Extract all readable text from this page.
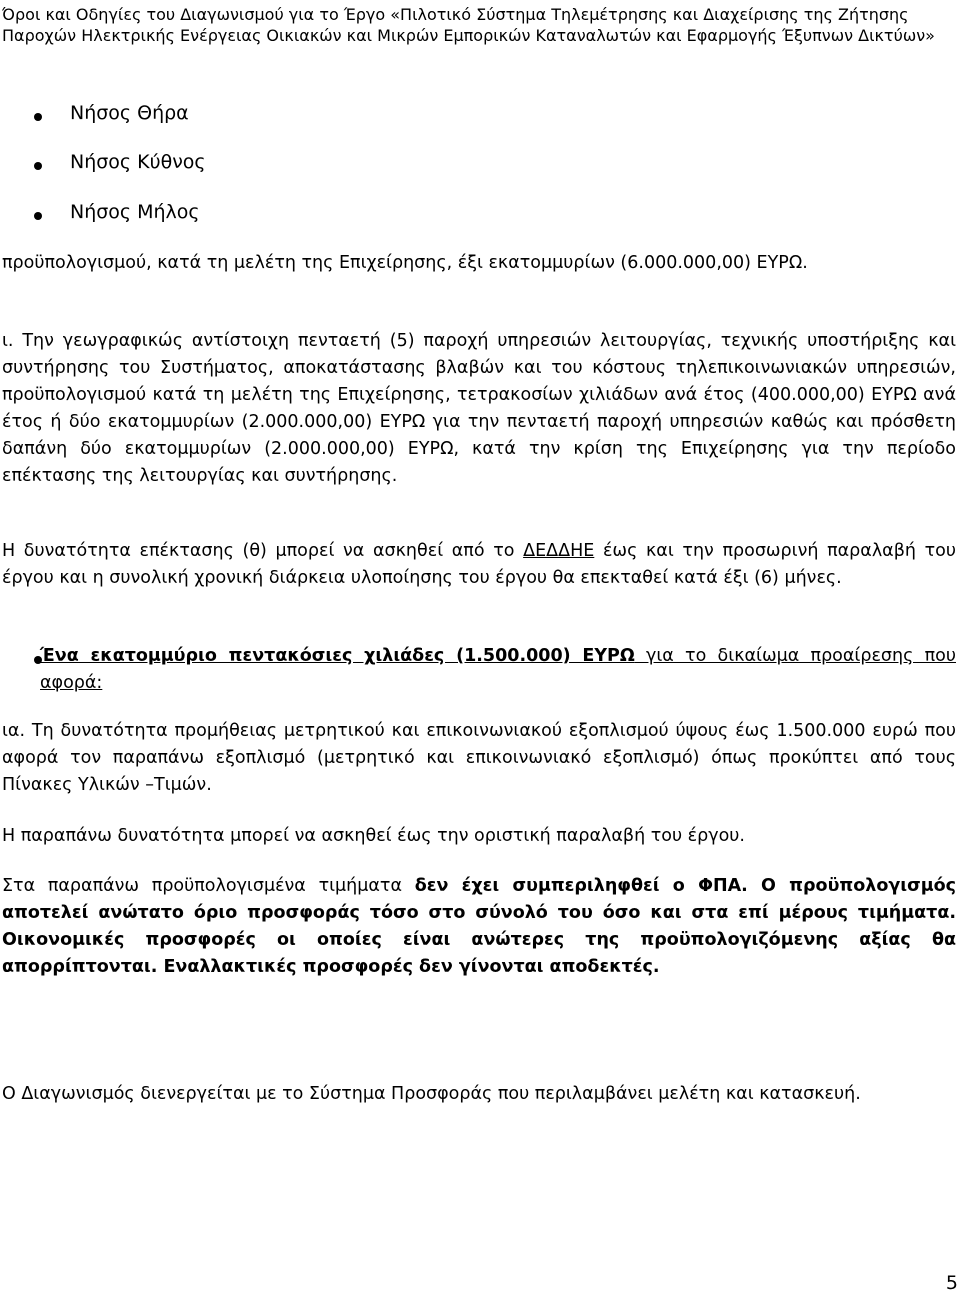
Όροι και Οδηγίες του Διαγωνισμού για το Έργο «Πιλοτικό Σύστημα Τηλεμέτρησης και Διαχείρισης της Ζήτησης Παροχών Ηλεκτρικής Ενέργειας Οικιακών και Μικρών Εμπορικών Καταναλωτών και Εφαρμογής Έξυπνων Δικτύων»

Νήσος Θήρα
Νήσος Κύθνος
Νήσος Μήλος

προϋπολογισμού, κατά τη μελέτη της Επιχείρησης, έξι εκατομμυρίων (6.000.000,00) ΕΥΡΩ.

ι. Την γεωγραφικώς αντίστοιχη πενταετή (5) παροχή υπηρεσιών λειτουργίας, τεχνικής υποστήριξης και συντήρησης του Συστήματος, αποκατάστασης βλαβών και του κόστους τηλεπικοινωνιακών υπηρεσιών, προϋπολογισμού κατά τη μελέτη της Επιχείρησης, τετρακοσίων χιλιάδων ανά έτος (400.000,00) ΕΥΡΩ ανά έτος ή δύο εκατομμυρίων (2.000.000,00) ΕΥΡΩ για την πενταετή παροχή υπηρεσιών καθώς και πρόσθετη δαπάνη δύο εκατομμυρίων (2.000.000,00) ΕΥΡΩ, κατά την κρίση της Επιχείρησης για την περίοδο επέκτασης της λειτουργίας και συντήρησης.

Η δυνατότητα επέκτασης (θ) μπορεί να ασκηθεί από το ΔΕΔΔΗΕ έως και την προσωρινή παραλαβή του έργου και η συνολική χρονική διάρκεια υλοποίησης του έργου θα επεκταθεί κατά έξι (6) μήνες.

Ένα εκατομμύριο πεντακόσιες χιλιάδες (1.500.000) ΕΥΡΩ για το δικαίωμα προαίρεσης που αφορά:

ια. Τη δυνατότητα προμήθειας μετρητικού και επικοινωνιακού εξοπλισμού ύψους έως 1.500.000 ευρώ που αφορά τον παραπάνω εξοπλισμό (μετρητικό και επικοινωνιακό εξοπλισμό) όπως προκύπτει από τους Πίνακες Υλικών –Τιμών.

Η παραπάνω δυνατότητα μπορεί να ασκηθεί έως την οριστική παραλαβή του έργου.

Στα παραπάνω προϋπολογισμένα τιμήματα δεν έχει συμπεριληφθεί ο ΦΠΑ. Ο προϋπολογισμός αποτελεί ανώτατο όριο προσφοράς τόσο στο σύνολό του όσο και στα επί μέρους τιμήματα. Οικονομικές προσφορές οι οποίες είναι ανώτερες της προϋπολογιζόμενης αξίας θα απορρίπτονται. Εναλλακτικές προσφορές δεν γίνονται αποδεκτές.

Ο Διαγωνισμός διενεργείται με το Σύστημα Προσφοράς που περιλαμβάνει μελέτη και κατασκευή.

5
